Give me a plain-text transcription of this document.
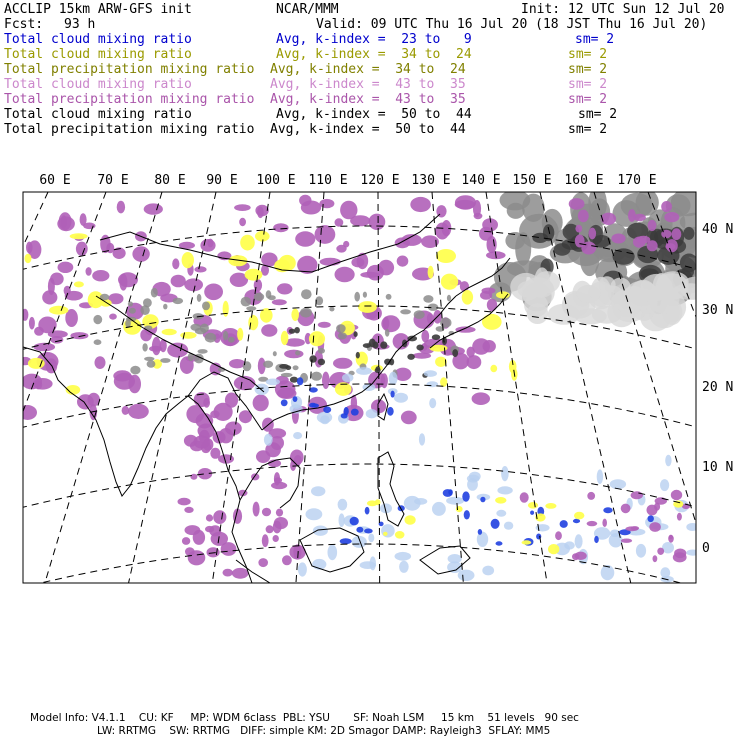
ACCLIP 15km ARW-GFS init	NCAR/MMM	Init: 12 UTC Sun 12 Jul 20
Fcst: 93 h	Valid: 09 UTC Thu 16 Jul 20 (18 JST Thu 16 Jul 20)
Total cloud mixing ratio	Avg, k-index =  23 to   9	sm= 2
Total cloud mixing ratio	Avg, k-index =  34 to  24	sm= 2
Total precipitation mixing ratio Avg, k-index =  34 to  24	sm= 2
Total cloud mixing ratio	Avg, k-index =  43 to  35	sm= 2
Total precipitation mixing ratio Avg, k-index =  43 to  35	sm= 2
Total cloud mixing ratio	Avg, k-index =  50 to  44	sm= 2
Total precipitation mixing ratio Avg, k-index =  50 to  44	sm= 2
60 E 70 E 80 E 90 E 100 E 110 E 120 E 130 E 140 E 150 E 160 E 170 E
40 N
30 N
20 N
10 N
0
Model Info: V4.1.1    CU: KF     MP: WDM 6class  PBL: YSU       SF: Noah LSM     15 km    51 levels   90 sec
LW: RRTMG    SW: RRTMG   DIFF: simple KM: 2D Smagor DAMP: Rayleigh3  SFLAY: MM5
